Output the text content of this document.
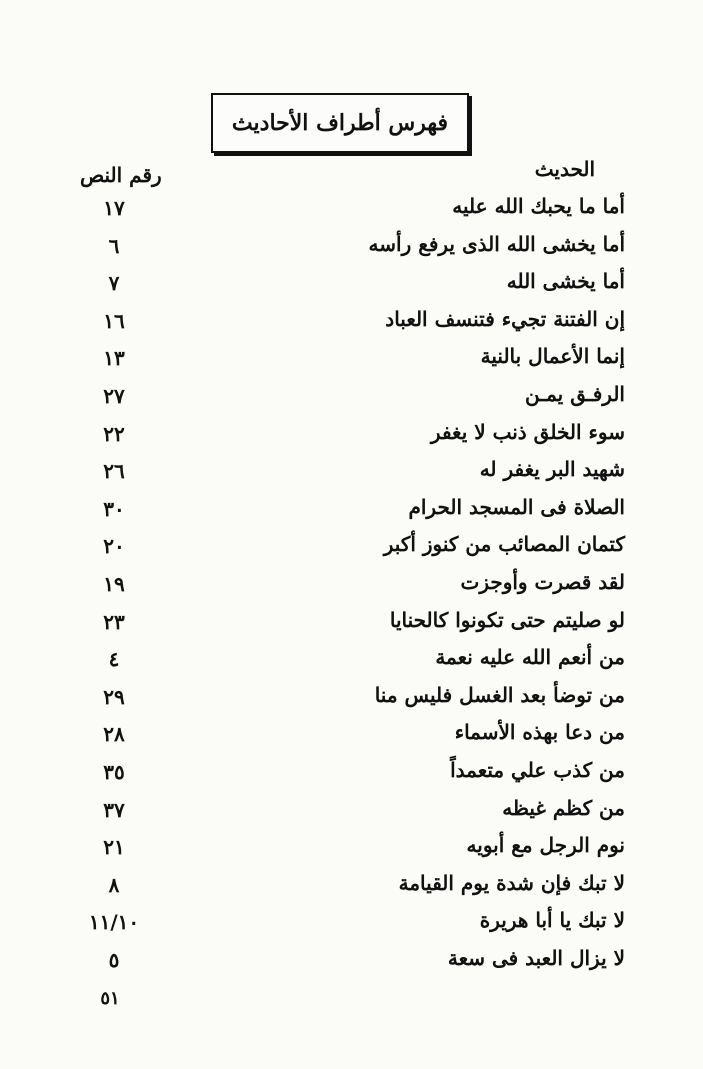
فهرس أطراف الأحاديث
الحديث
رقم النص
أما ما يحبك الله عليه
١٧
أما يخشى الله الذى يرفع رأسه
٦
أما يخشى الله
٧
إن الفتنة تجيء فتنسف العباد
١٦
إنما الأعمال بالنية
١٣
الرفـق يمـن
٢٧
سوء الخلق ذنب لا يغفر
٢٢
شهيد البر يغفر له
٢٦
الصلاة فى المسجد الحرام
٣٠
كتمان المصائب من كنوز أكبر
٢٠
لقد قصرت وأوجزت
١٩
لو صليتم حتى تكونوا كالحنايا
٢٣
من أنعم الله عليه نعمة
٤
من توضأ بعد الغسل فليس منا
٢٩
من دعا بهذه الأسماء
٢٨
من كذب علي متعمداً
٣٥
من كظم غيظه
٣٧
نوم الرجل مع أبويه
٢١
لا تبك فإن شدة يوم القيامة
٨
لا تبك يا أبا هريرة
١١/١٠
لا يزال العبد فى سعة
٥
٥١
